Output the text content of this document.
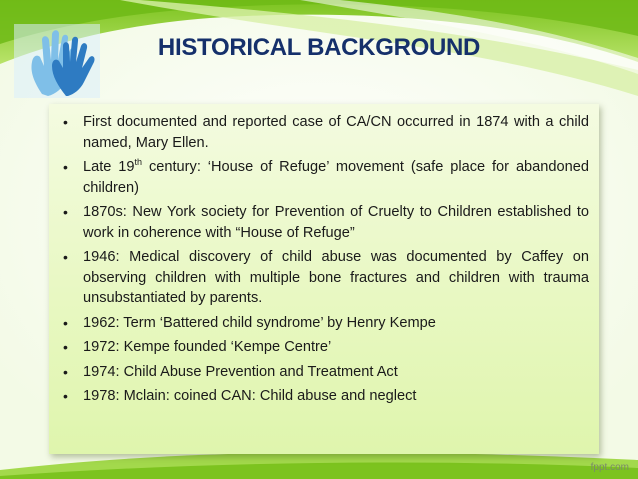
HISTORICAL BACKGROUND
• First documented and reported case of CA/CN occurred in 1874 with a child named, Mary Ellen.
• Late 19th century: ‘House of Refuge’ movement (safe place for abandoned children)
• 1870s: New York society for Prevention of Cruelty to Children established to work in coherence with “House of Refuge”
• 1946: Medical discovery of child abuse was documented by Caffey on observing children with multiple bone fractures and children with trauma unsubstantiated by parents.
• 1962: Term ‘Battered child syndrome’ by Henry Kempe
• 1972: Kempe founded ‘Kempe Centre’
• 1974: Child Abuse Prevention and Treatment Act
• 1978: Mclain: coined CAN: Child abuse and neglect
fppt.com
